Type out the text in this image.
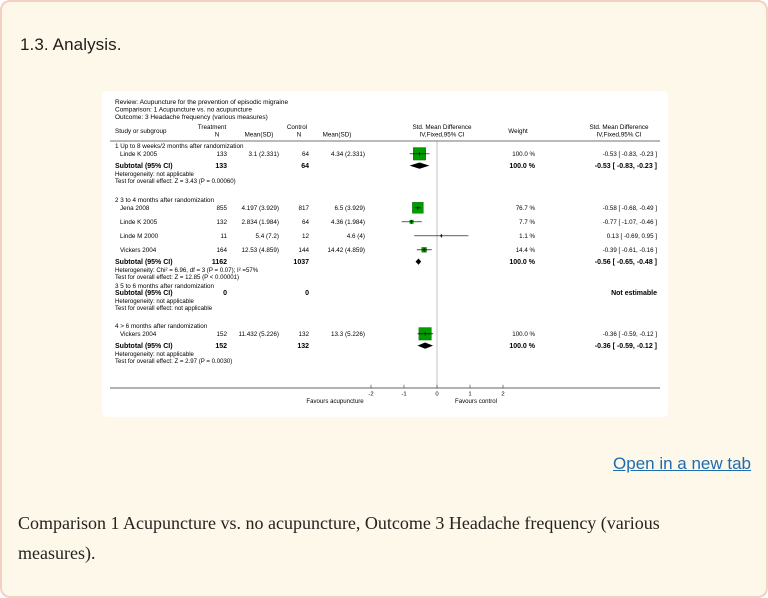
1.3. Analysis.
Review: Acupuncture for the prevention of episodic migraine
Comparison: 1 Acupuncture vs. no acupuncture
Outcome: 3 Headache frequency (various measures)
Study or subgroup
Treatment
N	Mean(SD)
Control
N	Mean(SD)
Std. Mean Difference
IV,Fixed,95% CI	Weight
Std. Mean Difference
IV,Fixed,95% CI
1 Up to 8 weeks/2 months after randomization
Linde K 2005	133	3.1 (2.331)	64	4.34 (2.331)	100.0 %	-0.53 [ -0.83, -0.23 ]
Subtotal (95% CI)	133	64	100.0 %	-0.53 [ -0.83, -0.23 ]
Heterogeneity: not applicable
Test for overall effect: Z = 3.43 (P = 0.00060)
2 3 to 4 months after randomization
Jena 2008	855 4.197 (3.929)	817	6.5 (3.929)	76.7 %	-0.58 [ -0.68, -0.49 ]
Linde K 2005	132 2.834 (1.984)	64	4.36 (1.984)	7.7 %	-0.77 [ -1.07, -0.46 ]
Linde M 2000	11	5.4 (7.2)	12	4.6 (4)	1.1 %	0.13 [ -0.69, 0.95 ]
Vickers 2004	164 12.53 (4.859)	144	14.42 (4.859)	14.4 %	-0.39 [ -0.61, -0.16 ]
Subtotal (95% CI)	1162	1037	100.0 %	-0.56 [ -0.65, -0.48 ]
Heterogeneity: Chi² = 6.96, df = 3 (P = 0.07); I² =57%
Test for overall effect: Z = 12.85 (P < 0.00001)
3 5 to 6 months after randomization
Subtotal (95% CI)	0	0	Not estimable
Heterogeneity: not applicable
Test for overall effect: not applicable
4 > 6 months after randomization
Vickers 2004	152 11.432 (5.226)	132	13.3 (5.226)	100.0 %	-0.36 [ -0.59, -0.12 ]
Subtotal (95% CI)	152	132	100.0 %	-0.36 [ -0.59, -0.12 ]
Heterogeneity: not applicable
Test for overall effect: Z = 2.97 (P = 0.0030)
-2	-1	0	1	2
Favours acupuncture	Favours control
Open in a new tab

Comparison 1 Acupuncture vs. no acupuncture, Outcome 3 Headache frequency (various measures).
